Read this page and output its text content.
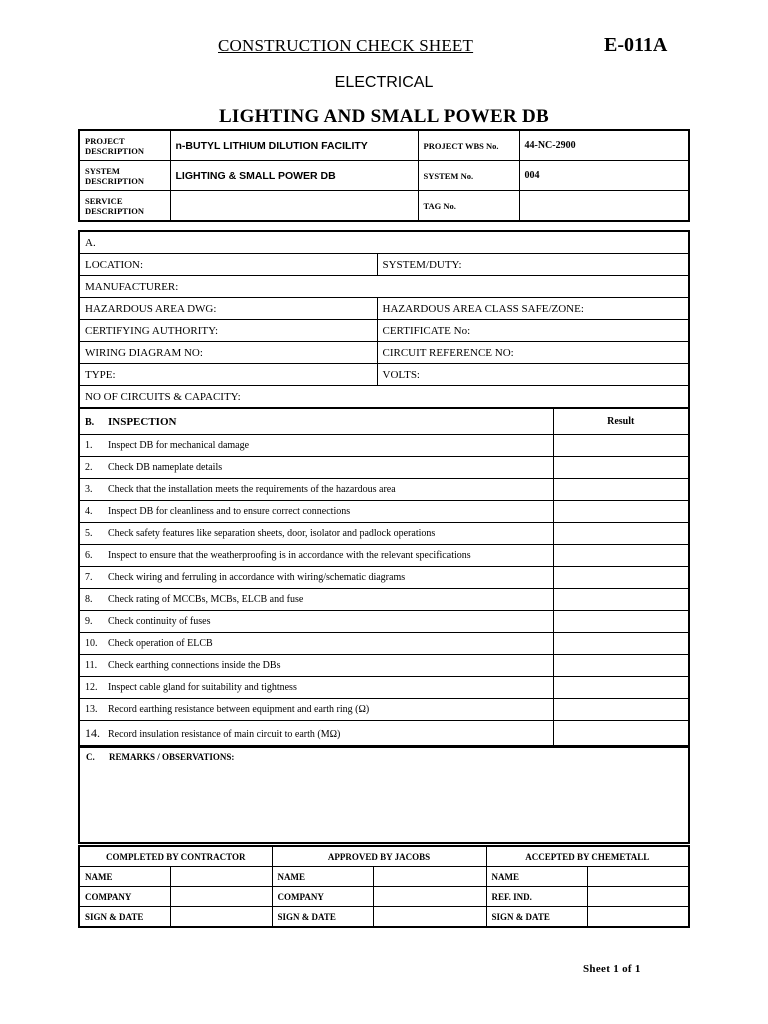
CONSTRUCTION CHECK SHEET	E-011A
ELECTRICAL
LIGHTING AND SMALL POWER DB
PROJECT DESCRIPTION	n-BUTYL LITHIUM DILUTION FACILITY	PROJECT WBS No.	44-NC-2900
SYSTEM DESCRIPTION	LIGHTING & SMALL POWER DB	SYSTEM No.	004
SERVICE DESCRIPTION		TAG No.	
A.	
LOCATION:	SYSTEM/DUTY:
MANUFACTURER:	
HAZARDOUS AREA DWG:	HAZARDOUS AREA CLASS SAFE/ZONE:
CERTIFYING AUTHORITY:	CERTIFICATE No:
WIRING DIAGRAM NO:	CIRCUIT REFERENCE NO:
TYPE:	VOLTS:
NO OF CIRCUITS & CAPACITY:	
B. INSPECTION	Result
1. Inspect DB for mechanical damage	
2. Check DB nameplate details	
3. Check that the installation meets the requirements of the hazardous area	
4. Inspect DB for cleanliness and to ensure correct connections	
5. Check safety features like separation sheets, door, isolator and padlock operations	
6. Inspect to ensure that the weatherproofing is in accordance with the relevant specifications	
7. Check wiring and ferruling in accordance with wiring/schematic diagrams	
8. Check rating of MCCBs, MCBs, ELCB and fuse	
9. Check continuity of fuses	
10. Check operation of ELCB	
11. Check earthing connections inside the DBs	
12. Inspect cable gland for suitability and tightness	
13. Record earthing resistance between equipment and earth ring (Ω)	
14. Record insulation resistance of main circuit to earth (MΩ)	
C. REMARKS / OBSERVATIONS:
COMPLETED BY CONTRACTOR		APPROVED BY JACOBS		ACCEPTED BY CHEMETALL	
NAME		NAME		NAME	
COMPANY		COMPANY		REF. IND.	
SIGN & DATE		SIGN & DATE		SIGN & DATE	
Sheet 1 of 1
